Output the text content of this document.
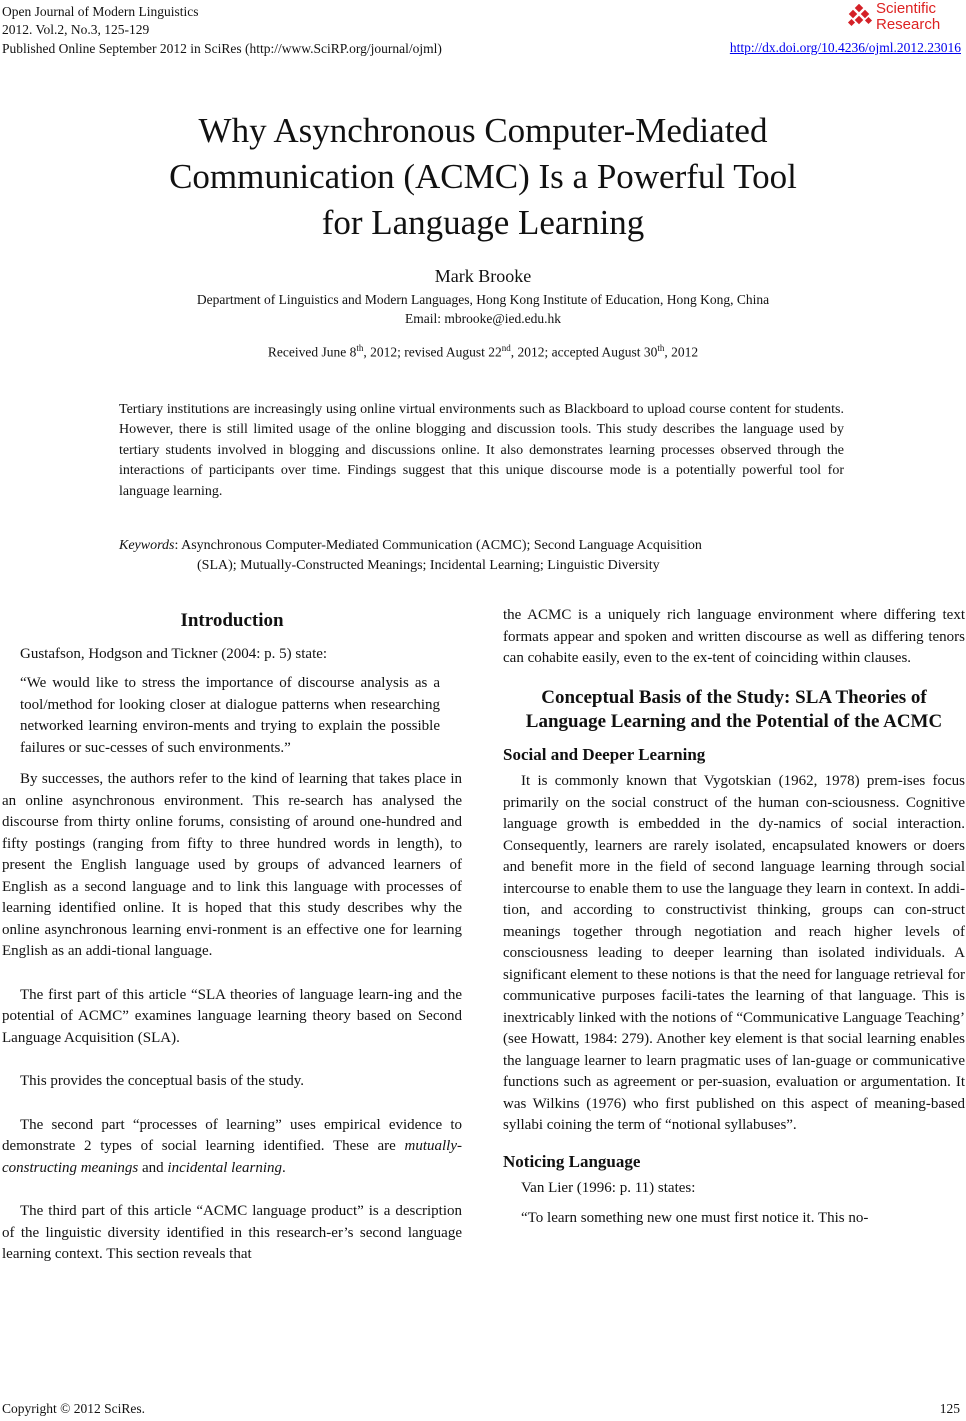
Open Journal of Modern Linguistics
2012. Vol.2, No.3, 125-129
Published Online September 2012 in SciRes (http://www.SciRP.org/journal/ojml)	http://dx.doi.org/10.4236/ojml.2012.23016
Scientific
Research
Why Asynchronous Computer-Mediated
Communication (ACMC) Is a Powerful Tool
for Language Learning
Mark Brooke
Department of Linguistics and Modern Languages, Hong Kong Institute of Education, Hong Kong, China
Email: mbrooke@ied.edu.hk
Received June 8th, 2012; revised August 22nd, 2012; accepted August 30th, 2012
Tertiary institutions are increasingly using online virtual environments such as Blackboard to upload course content for students. However, there is still limited usage of the online blogging and discussion tools. This study describes the language used by tertiary students involved in blogging and discussions online. It also demonstrates learning processes observed through the interactions of participants over time. Findings suggest that this unique discourse mode is a potentially powerful tool for language learning.
Keywords: Asynchronous Computer-Mediated Communication (ACMC); Second Language Acquisition
(SLA); Mutually-Constructed Meanings; Incidental Learning; Linguistic Diversity

Introduction

Gustafson, Hodgson and Tickner (2004: p. 5) state:

“We would like to stress the importance of discourse analysis as a tool/method for looking closer at dialogue patterns when researching networked learning environ-ments and trying to explain the possible failures or suc-cesses of such environments.”

By successes, the authors refer to the kind of learning that takes place in an online asynchronous environment. This re-search has analysed the discourse from thirty online forums, consisting of around one-hundred and fifty postings (ranging from fifty to three hundred words in length), to present the English language used by groups of advanced learners of English as a second language and to link this language with processes of learning identified online. It is hoped that this study describes why the online asynchronous learning envi-ronment is an effective one for learning English as an addi-tional language.

The first part of this article “SLA theories of language learn-ing and the potential of ACMC” examines language learning theory based on Second Language Acquisition (SLA).

This provides the conceptual basis of the study.

The second part “processes of learning” uses empirical evidence to demonstrate 2 types of social learning identified. These are mutually-constructing meanings and incidental learning.

The third part of this article “ACMC language product” is a description of the linguistic diversity identified in this research-er’s second language learning context. This section reveals that

the ACMC is a uniquely rich language environment where differing text formats appear and spoken and written discourse as well as differing tenors can cohabite easily, even to the ex-tent of coinciding within clauses.

Conceptual Basis of the Study: SLA Theories of Language Learning and the Potential of the ACMC

Social and Deeper Learning

It is commonly known that Vygotskian (1962, 1978) prem-ises focus primarily on the social construct of the human con-sciousness. Cognitive language growth is embedded in the dy-namics of social interaction. Consequently, learners are rarely isolated, encapsulated knowers or doers and benefit more in the field of second language learning through social intercourse to enable them to use the language they learn in context. In addi-tion, and according to constructivist thinking, groups can con-struct meanings together through negotiation and reach higher levels of consciousness leading to deeper learning than isolated individuals. A significant element to these notions is that the need for language retrieval for communicative purposes facili-tates the learning of that language. This is inextricably linked with the notions of “Communicative Language Teaching’ (see Howatt, 1984: 279). Another key element is that social learning enables the language learner to learn pragmatic uses of lan-guage or communicative functions such as agreement or per-suasion, evaluation or argumentation. It was Wilkins (1976) who first published on this aspect of meaning-based syllabi coining the term of “notional syllabuses”.

Noticing Language

Van Lier (1996: p. 11) states:

“To learn something new one must first notice it. This no-

Copyright © 2012 SciRes.	125
